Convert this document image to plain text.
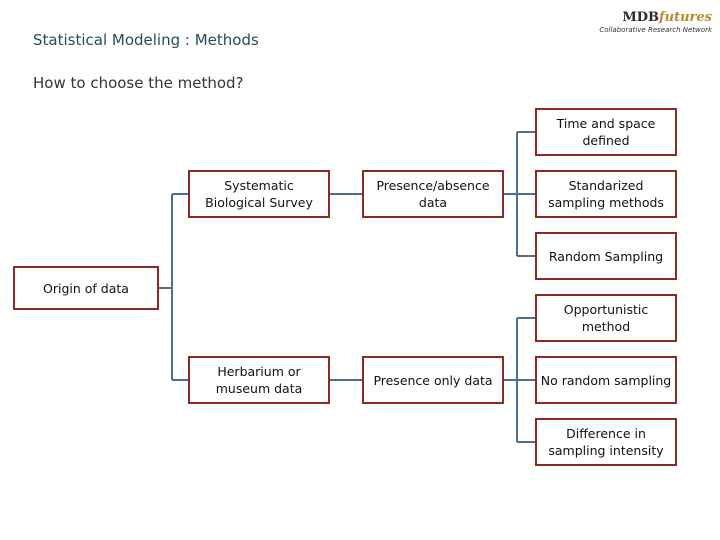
MDBfutures
Collaborative Research Network
Statistical Modeling : Methods
How to choose the method?
Origin of data
Systematic Biological Survey
Herbarium or museum data
Presence/absence data
Presence only data
Time and space defined
Standarized sampling methods
Random Sampling
Opportunistic method
No random sampling
Difference in sampling intensity
